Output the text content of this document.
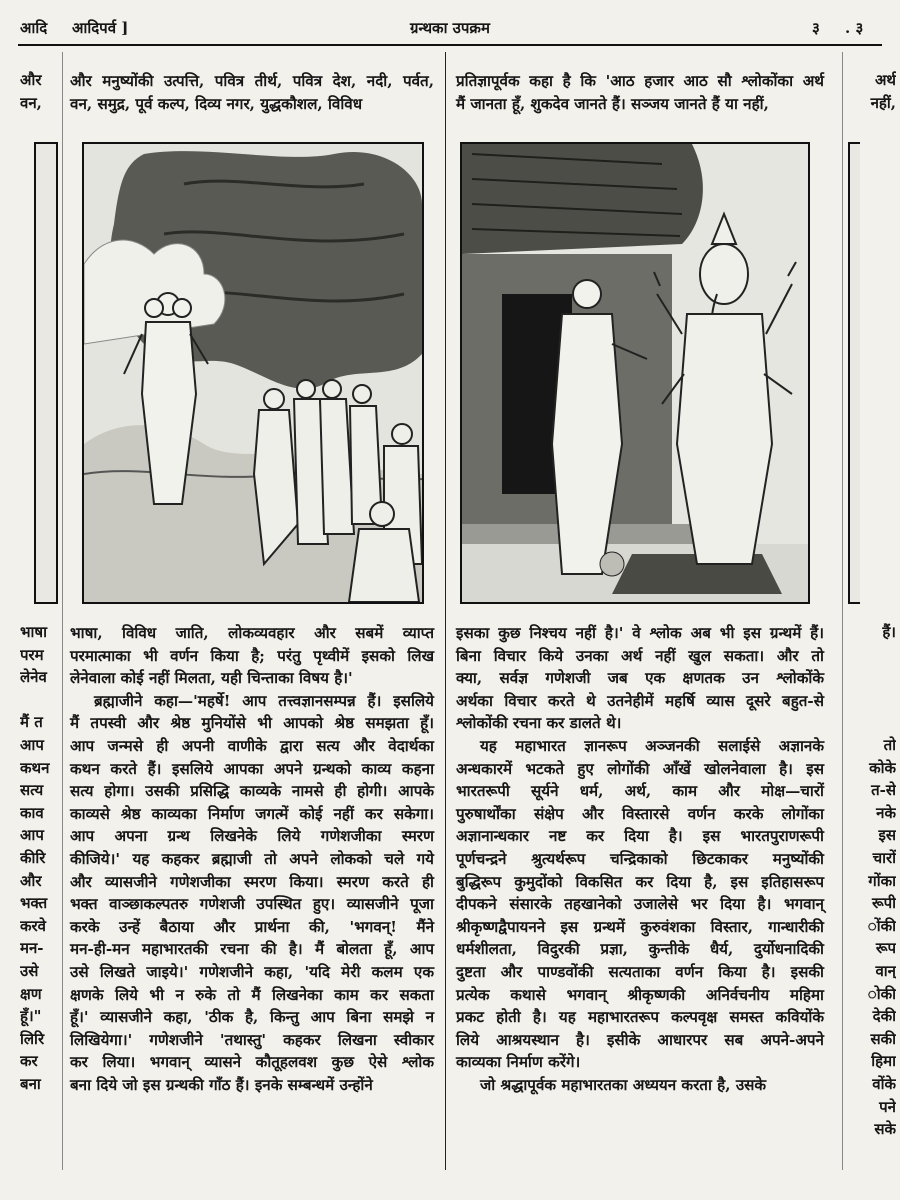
आदि आदिपर्व ]	ग्रन्थका उपक्रम	३ . ३
और
वन,
भाषा
परम
लेनेव
मैं त
आप
कथन
सत्य
काव
आप
कीरि
और
भक्त
करवे
मन-
उसे
क्षण
हूँ।"
लिरि
कर
बना
अर्थ
नहीं,
हैं।
तो
कोके
त-से
नके
इस
चारों
गोंका
रूपी
ोंकी
रूप
वान्
ोकी
देकी
सकी
हिमा
वोंके
पने
सके
और मनुष्योंकी उत्पत्ति, पवित्र तीर्थ, पवित्र देश, नदी, पर्वत,
वन, समुद्र, पूर्व कल्प, दिव्य नगर, युद्धकौशल, विविध
भाषा, विविध जाति, लोकव्यवहार और सबमें व्याप्त
परमात्माका भी वर्णन किया है; परंतु पृथ्वीमें इसको लिख
लेनेवाला कोई नहीं मिलता, यही चिन्ताका विषय है।'
ब्रह्माजीने कहा—'महर्षे! आप तत्त्वज्ञानसम्पन्न हैं। इसलिये
मैं तपस्वी और श्रेष्ठ मुनियोंसे भी आपको श्रेष्ठ समझता हूँ।
आप जन्मसे ही अपनी वाणीके द्वारा सत्य और वेदार्थका
कथन करते हैं। इसलिये आपका अपने ग्रन्थको काव्य कहना
सत्य होगा। उसकी प्रसिद्धि काव्यके नामसे ही होगी। आपके
काव्यसे श्रेष्ठ काव्यका निर्माण जगत्में कोई नहीं कर सकेगा।
आप अपना ग्रन्थ लिखनेके लिये गणेशजीका स्मरण
कीजिये।' यह कहकर ब्रह्माजी तो अपने लोकको चले गये
और व्यासजीने गणेशजीका स्मरण किया। स्मरण करते ही
भक्त वाञ्छाकल्पतरु गणेशजी उपस्थित हुए। व्यासजीने पूजा
करके उन्हें बैठाया और प्रार्थना की, 'भगवन्! मैंने
मन-ही-मन महाभारतकी रचना की है। मैं बोलता हूँ, आप
उसे लिखते जाइये।' गणेशजीने कहा, 'यदि मेरी कलम एक
क्षणके लिये भी न रुके तो मैं लिखनेका काम कर सकता
हूँ।' व्यासजीने कहा, 'ठीक है, किन्तु आप बिना समझे न
लिखियेगा।' गणेशजीने 'तथास्तु' कहकर लिखना स्वीकार
कर लिया। भगवान् व्यासने कौतूहलवश कुछ ऐसे श्लोक
बना दिये जो इस ग्रन्थकी गाँठ हैं। इनके सम्बन्धमें उन्होंने
प्रतिज्ञापूर्वक कहा है कि 'आठ हजार आठ सौ श्लोकोंका अर्थ
मैं जानता हूँ, शुकदेव जानते हैं। सञ्जय जानते हैं या नहीं,
इसका कुछ निश्चय नहीं है।' वे श्लोक अब भी इस ग्रन्थमें हैं।
बिना विचार किये उनका अर्थ नहीं खुल सकता। और तो
क्या, सर्वज्ञ गणेशजी जब एक क्षणतक उन श्लोकोंके
अर्थका विचार करते थे उतनेहीमें महर्षि व्यास दूसरे बहुत-से
श्लोकोंकी रचना कर डालते थे।
यह महाभारत ज्ञानरूप अञ्जनकी सलाईसे अज्ञानके
अन्धकारमें भटकते हुए लोगोंकी आँखें खोलनेवाला है। इस
भारतरूपी सूर्यने धर्म, अर्थ, काम और मोक्ष—चारों
पुरुषार्थोंका संक्षेप और विस्तारसे वर्णन करके लोगोंका
अज्ञानान्धकार नष्ट कर दिया है। इस भारतपुराणरूपी
पूर्णचन्द्रने श्रुत्यर्थरूप चन्द्रिकाको छिटकाकर मनुष्योंकी
बुद्धिरूप कुमुदोंको विकसित कर दिया है, इस इतिहासरूप
दीपकने संसारके तहखानेको उजालेसे भर दिया है। भगवान्
श्रीकृष्णद्वैपायनने इस ग्रन्थमें कुरुवंशका विस्तार, गान्धारीकी
धर्मशीलता, विदुरकी प्रज्ञा, कुन्तीके धैर्य, दुर्योधनादिकी
दुष्टता और पाण्डवोंकी सत्यताका वर्णन किया है। इसकी
प्रत्येक कथासे भगवान् श्रीकृष्णकी अनिर्वचनीय महिमा
प्रकट होती है। यह महाभारतरूप कल्पवृक्ष समस्त कवियोंके
लिये आश्रयस्थान है। इसीके आधारपर सब अपने-अपने
काव्यका निर्माण करेंगे।
जो श्रद्धापूर्वक महाभारतका अध्ययन करता है, उसके
